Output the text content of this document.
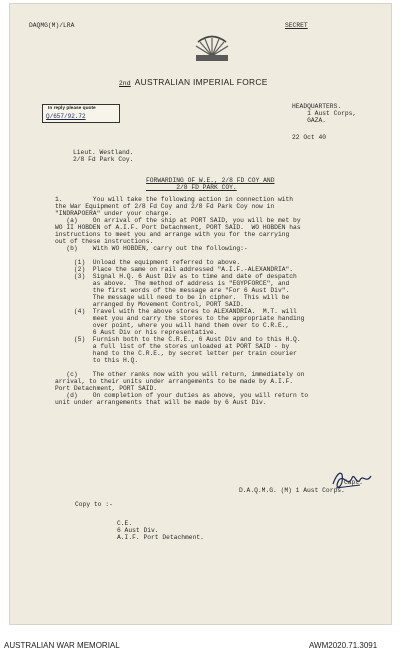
DAQMG(M)/LRA	SECRET
2nd AUSTRALIAN IMPERIAL FORCE
In reply please quote
Q/657/92.72
HEADQUARTERS.
1 Aust Corps,
GAZA.
22 Oct 40
Lieut. Westland.
2/8 Fd Park Coy.
FORWARDING OF W.E., 2/8 FD COY AND
2/8 FD PARK COY.
1.        You will take the following action in connection with
the War Equipment of 2/8 Fd Coy and 2/8 Fd Park Coy now in
"INDRAPOERA" under your charge.
(a)    On arrival of the ship at PORT SAID, you will be met by
WO II HOBDEN of A.I.F. Port Detachment, PORT SAID.  WO HOBDEN has
instructions to meet you and arrange with you for the carrying
out of these instructions.
(b)    With WO HOBDEN, carry out the following:-

(1)  Unload the equipment referred to above.
(2)  Place the same on rail addressed "A.I.F.-ALEXANDRIA".
(3)  Signal H.Q. 6 Aust Div as to time and date of despatch
as above.  The method of address is "EGYPFORCE", and
the first words of the message are "For 6 Aust Div".
The message will need to be in cipher.  This will be
arranged by Movement Control, PORT SAID.
(4)  Travel with the above stores to ALEXANDRIA.  M.T. will
meet you and carry the stores to the appropriate handing
over point, where you will hand them over to C.R.E.,
6 Aust Div or his representative.
(5)  Furnish both to the C.R.E., 6 Aust Div and to this H.Q.
a full list of the stores unloaded at PORT SAID - by
hand to the C.R.E., by secret letter per train courier
to this H.Q.

(c)    The other ranks now with you will return, immediately on
arrival, to their units under arrangements to be made by A.I.F.
Port Detachment, PORT SAID.
(d)    On completion of your duties as above, you will return to
unit under arrangements that will be made by 6 Aust Div.
Capt.
D.A.Q.M.G. (M) 1 Aust Corps.
Copy to :-
C.E.
6 Aust Div.
A.I.F. Port Detachment.
AUSTRALIAN WAR MEMORIAL	AWM2020.71.3091
